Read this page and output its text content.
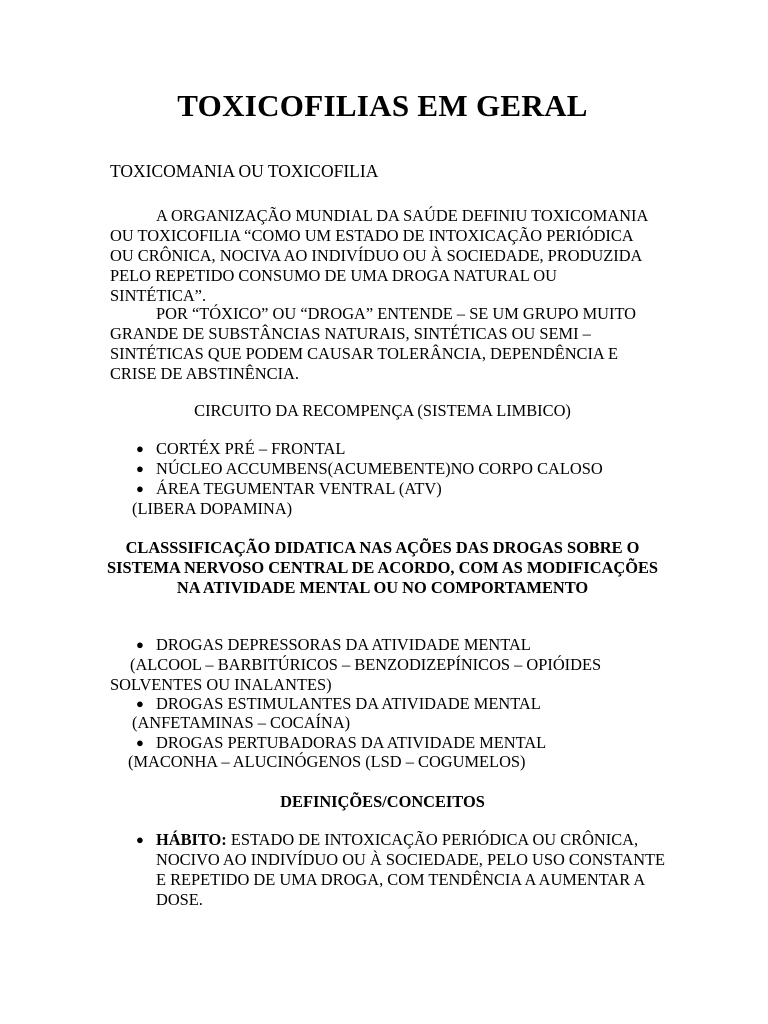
TOXICOFILIAS EM GERAL

TOXICOMANIA OU TOXICOFILIA

A ORGANIZAÇÃO MUNDIAL DA SAÚDE DEFINIU TOXICOMANIA OU TOXICOFILIA “COMO UM ESTADO DE INTOXICAÇÃO PERIÓDICA OU CRÔNICA, NOCIVA AO INDIVÍDUO OU À SOCIEDADE, PRODUZIDA PELO REPETIDO CONSUMO DE UMA DROGA NATURAL OU SINTÉTICA”.

POR “TÓXICO” OU “DROGA” ENTENDE – SE UM GRUPO MUITO GRANDE DE SUBSTÂNCIAS NATURAIS, SINTÉTICAS OU SEMI – SINTÉTICAS QUE PODEM CAUSAR TOLERÂNCIA, DEPENDÊNCIA E CRISE DE ABSTINÊNCIA.

CIRCUITO DA RECOMPENÇA (SISTEMA LIMBICO)

● CORTÉX PRÉ – FRONTAL
● NÚCLEO ACCUMBENS(ACUMEBENTE)NO CORPO CALOSO
● ÁREA TEGUMENTAR VENTRAL (ATV)

(LIBERA DOPAMINA)

CLASSSIFICAÇÃO DIDATICA NAS AÇÕES DAS DROGAS SOBRE O SISTEMA NERVOSO CENTRAL DE ACORDO, COM AS MODIFICAÇÕES NA ATIVIDADE MENTAL OU NO COMPORTAMENTO

● DROGAS DEPRESSORAS DA ATIVIDADE MENTAL

(ALCOOL – BARBITÚRICOS – BENZODIZEPÍNICOS – OPIÓIDES SOLVENTES OU INALANTES)

● DROGAS ESTIMULANTES DA ATIVIDADE MENTAL

(ANFETAMINAS – COCAÍNA)

● DROGAS PERTUBADORAS DA ATIVIDADE MENTAL

(MACONHA – ALUCINÓGENOS (LSD – COGUMELOS)

DEFINIÇÕES/CONCEITOS

● HÁBITO: ESTADO DE INTOXICAÇÃO PERIÓDICA OU CRÔNICA, NOCIVO AO INDIVÍDUO OU À SOCIEDADE, PELO USO CONSTANTE E REPETIDO DE UMA DROGA, COM TENDÊNCIA A AUMENTAR A DOSE.
